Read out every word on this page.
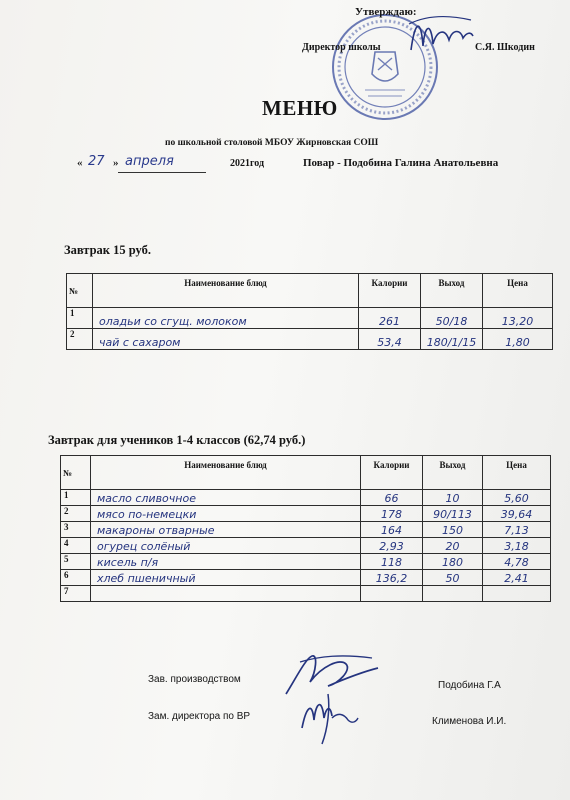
Утверждаю:
Директор школы	С.Я. Шкодин
МЕНЮ
по школьной столовой МБОУ Жирновская СОШ
« 27 » апреля	2021год	Повар - Подобина Галина Анатольевна
Завтрак 15 руб.
№	Наименование блюд	Калории	Выход	Цена
1	оладьи со сгущ. молоком	261	50/18	13,20
2	чай с сахаром	53,4	180/1/15	1,80
Завтрак для учеников 1-4 классов (62,74 руб.)
№	Наименование блюд	Калории	Выход	Цена
1	масло сливочное	66	10	5,60
2	мясо по-немецки	178	90/113	39,64
3	макароны отварные	164	150	7,13
4	огурец солёный	2,93	20	3,18
5	кисель п/я	118	180	4,78
6	хлеб пшеничный	136,2	50	2,41
7				
Зав. производством
Подобина Г.А
Зам. директора по ВР	Клименова И.И.
